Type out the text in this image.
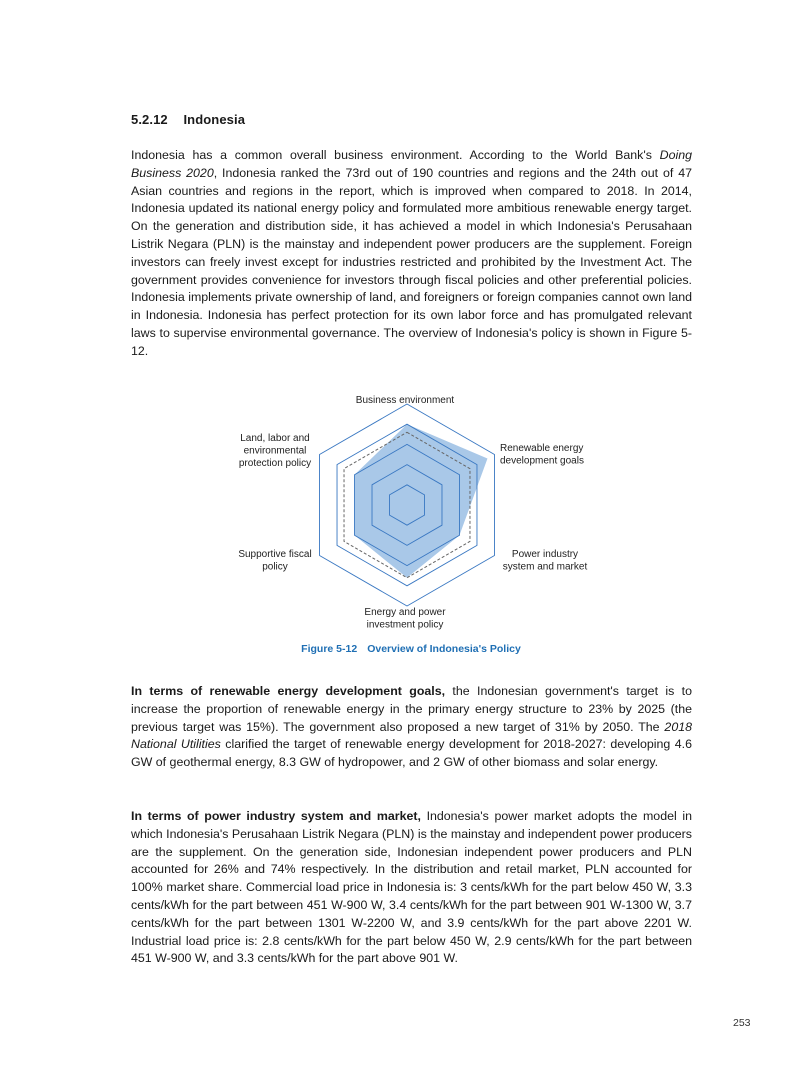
5.2.12 Indonesia

Indonesia has a common overall business environment. According to the World Bank's Doing Business 2020, Indonesia ranked the 73rd out of 190 countries and regions and the 24th out of 47 Asian countries and regions in the report, which is improved when compared to 2018. In 2014, Indonesia updated its national energy policy and formulated more ambitious renewable energy target. On the generation and distribution side, it has achieved a model in which Indonesia's Perusahaan Listrik Negara (PLN) is the mainstay and independent power producers are the supplement. Foreign investors can freely invest except for industries restricted and prohibited by the Investment Act. The government provides convenience for investors through fiscal policies and other preferential policies. Indonesia implements private ownership of land, and foreigners or foreign companies cannot own land in Indonesia. Indonesia has perfect protection for its own labor force and has promulgated relevant laws to supervise environmental governance. The overview of Indonesia's policy is shown in Figure 5-12.

Business environment
Renewable energy development goals
Power industry system and market
Energy and power investment policy
Supportive fiscal policy
Land, labor and environmental protection policy
Figure 5-12 Overview of Indonesia's Policy

In terms of renewable energy development goals, the Indonesian government's target is to increase the proportion of renewable energy in the primary energy structure to 23% by 2025 (the previous target was 15%). The government also proposed a new target of 31% by 2050. The 2018 National Utilities clarified the target of renewable energy development for 2018-2027: developing 4.6 GW of geothermal energy, 8.3 GW of hydropower, and 2 GW of other biomass and solar energy.

In terms of power industry system and market, Indonesia's power market adopts the model in which Indonesia's Perusahaan Listrik Negara (PLN) is the mainstay and independent power producers are the supplement. On the generation side, Indonesian independent power producers and PLN accounted for 26% and 74% respectively. In the distribution and retail market, PLN accounted for 100% market share. Commercial load price in Indonesia is: 3 cents/kWh for the part below 450 W, 3.3 cents/kWh for the part between 451 W-900 W, 3.4 cents/kWh for the part between 901 W-1300 W, 3.7 cents/kWh for the part between 1301 W-2200 W, and 3.9 cents/kWh for the part above 2201 W. Industrial load price is: 2.8 cents/kWh for the part below 450 W, 2.9 cents/kWh for the part between 451 W-900 W, and 3.3 cents/kWh for the part above 901 W.

253
